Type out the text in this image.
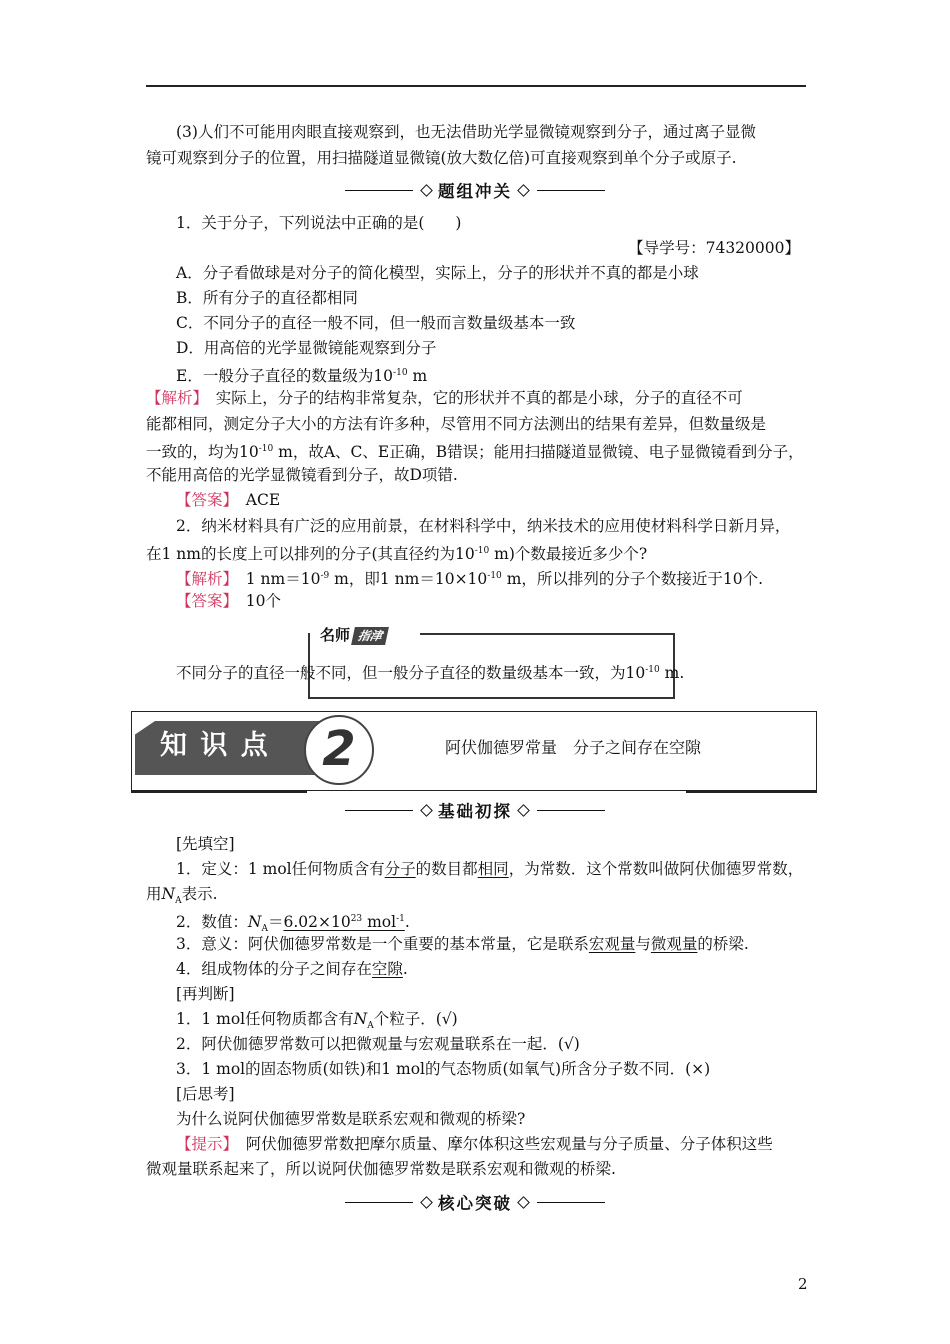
(3)人们不可能用肉眼直接观察到，也无法借助光学显微镜观察到分子，通过离子显微
镜可观察到分子的位置，用扫描隧道显微镜(放大数亿倍)可直接观察到单个分子或原子.
题组冲关
1．关于分子，下列说法中正确的是(　　)
【导学号：74320000】
A．分子看做球是对分子的简化模型，实际上，分子的形状并不真的都是小球
B．所有分子的直径都相同
C．不同分子的直径一般不同，但一般而言数量级基本一致
D．用高倍的光学显微镜能观察到分子
E．一般分子直径的数量级为$10^{-10}$ m
【解析】　实际上，分子的结构非常复杂，它的形状并不真的都是小球，分子的直径不可
能都相同，测定分子大小的方法有许多种，尽管用不同方法测出的结果有差异，但数量级是
一致的，均为$10^{-10}$ m，故A、C、E正确，B错误；能用扫描隧道显微镜、电子显微镜看到分子，
不能用高倍的光学显微镜看到分子，故D项错.
【答案】　ACE
2．纳米材料具有广泛的应用前景，在材料科学中，纳米技术的应用使材料科学日新月异，
在1 nm的长度上可以排列的分子(其直径约为$10^{-10}$ m)个数最接近多少个?
【解析】　1 $nm=10^{-9}$ m，即1 $nm=10\times 10^{-10}$ m，所以排列的分子个数接近于10个.
【答案】　10个
名师 指津
不同分子的直径一般不同，但一般分子直径的数量级基本一致，为$10^{-10}$ m.
知 识 点	2	阿伏伽德罗常量　分子之间存在空隙
基础初探
[先填空]
1．定义：1 mol任何物质含有分子的数目都相同，为常数．这个常数叫做阿伏伽德罗常数，
用$N_A$表示.
2．数值：$N_A=6.02\times 10^{23}$ mol$^{-1}$.
3．意义：阿伏伽德罗常数是一个重要的基本常量，它是联系宏观量与微观量的桥梁.
4．组成物体的分子之间存在空隙.
[再判断]
1．1 mol任何物质都含有$N_A$个粒子．(√)
2．阿伏伽德罗常数可以把微观量与宏观量联系在一起．(√)
3．1 mol的固态物质(如铁)和1 mol的气态物质(如氧气)所含分子数不同．(×)
[后思考]
为什么说阿伏伽德罗常数是联系宏观和微观的桥梁?
【提示】　阿伏伽德罗常数把摩尔质量、摩尔体积这些宏观量与分子质量、分子体积这些
微观量联系起来了，所以说阿伏伽德罗常数是联系宏观和微观的桥梁.
核心突破
2
